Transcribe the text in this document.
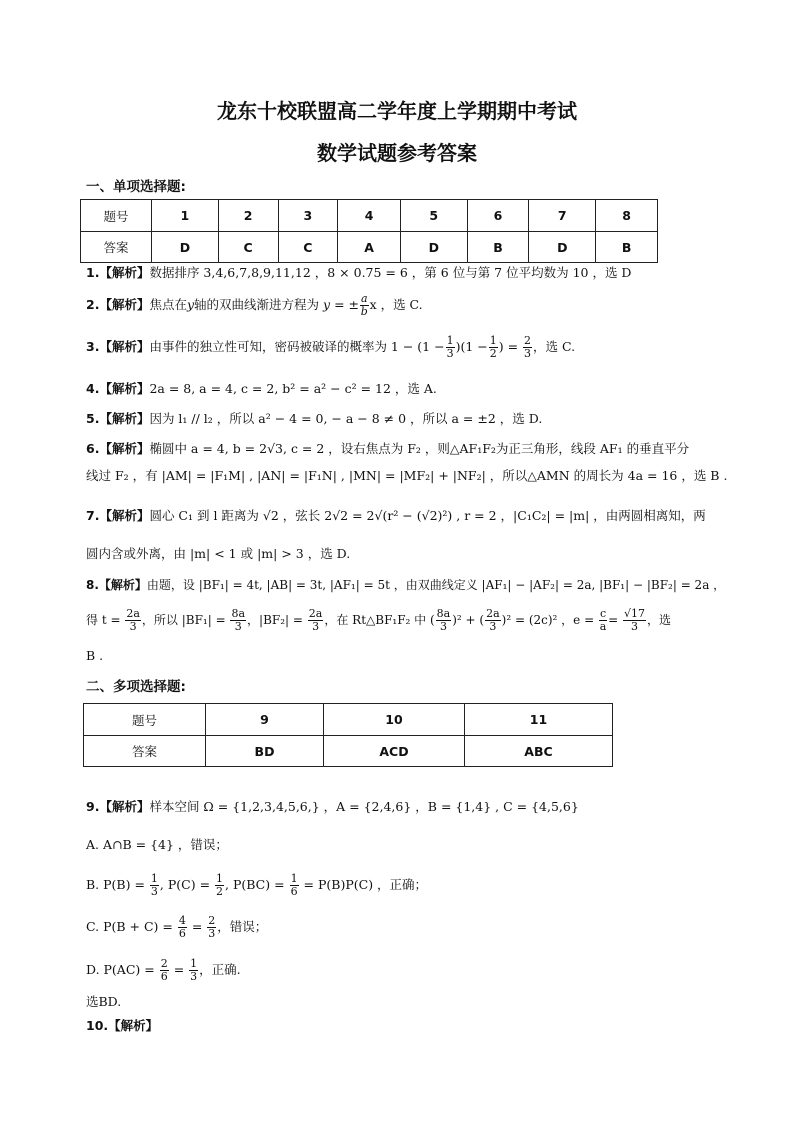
龙东十校联盟高二学年度上学期期中考试
数学试题参考答案
一、单项选择题:
题号	1	2	3	4	5	6	7	8
答案	D	C	C	A	D	B	D	B
1.【解析】数据排序 3,4,6,7,8,9,11,12 ，8 × 0.75 = 6 ，第 6 位与第 7 位平均数为 10 ，选 D
2.【解析】焦点在y轴的双曲线渐进方程为 y = ± $\frac{a}{b}$ x ，选 C.
3.【解析】由事件的独立性可知，密码被破译的概率为 $1 - (1 - \frac{1}{3} )(1 - \frac{1}{2}$ ) = $\frac{2}{3}$ ，选 C.
4.【解析】2a = 8, a = 4, c = 2, b² = a² − c² = 12 ，选 A.
5.【解析】因为 l₁ // l₂ ，所以 a² − 4 = 0, − a − 8 ≠ 0 ，所以 a = ±2 ，选 D.
6.【解析】椭圆中 a = 4, b = 2√3, c = 2 ，设右焦点为 F₂ ，则△AF₁F₂为正三角形，线段 AF₁ 的垂直平分
线过 F₂ ，有 |AM| = |F₁M| , |AN| = |F₁N| , |MN| = |MF₂| + |NF₂| ，所以△AMN 的周长为 4a = 16 ，选 B .
7.【解析】圆心 C₁ 到 l 距离为 √2 ，弦长 2√2 = 2√(r² − (√2)²) , r = 2 ，|C₁C₂| = |m| ，由两圆相离知，两
圆内含或外离，由 |m| < 1 或 |m| > 3 ，选 D.
8.【解析】由题，设 |BF₁| = 4t, |AB| = 3t, |AF₁| = 5t ，由双曲线定义 |AF₁| − |AF₂| = 2a, |BF₁| − |BF₂| = 2a ，
得 $t = \frac{2a}{3}$ ，所以 $|BF_1| = \frac{8a}{3}$ ，$|BF_2| = \frac{2a}{3}$ ，在 Rt△BF₁F₂ 中 ( $\frac{8a}{3} )^2$ + ( $\frac{2a}{3} )^2 = (2c)^2$ ，$e = \frac{c}{a} = \frac{√17}{3}$ ，选
B .
二、多项选择题:
题号	9	10	11
答案	BD	ACD	ABC
9.【解析】样本空间 Ω = {1,2,3,4,5,6,} ，A = {2,4,6} ，B = {1,4} , C = {4,5,6}
A. A∩B = {4} ，错误；
B. $P(B) = \frac{1}{3}$ , $P(C) = \frac{1}{2}$ , $P(BC) = \frac{1}{6} = P(B)P(C)$ ，正确；
C. $P(B + C) = \frac{4}{6} = \frac{2}{3}$ ，错误；
D. $P(AC) = \frac{2}{6} = \frac{1}{3}$ ，正确.
选BD.
10.【解析】
